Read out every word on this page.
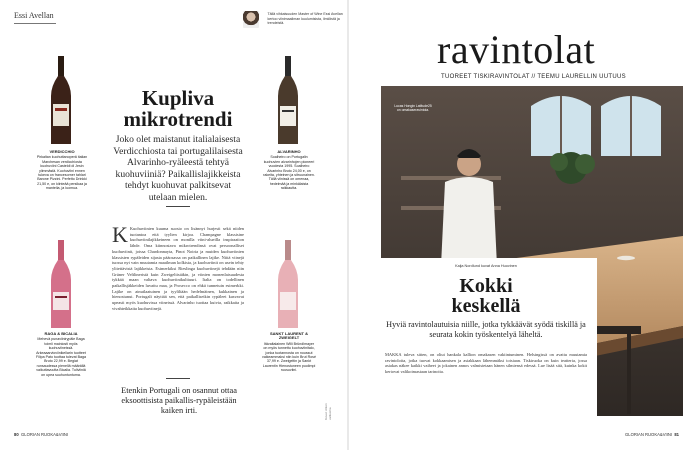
Essi Avellan	Tällä vihkaisuuden Master of Wine Essi Avellan kertoo viinimaailman kuulumisista, ilmiöistä ja trendeistä.
VERDICCHIO
Pirkaltan kuohuttanoperä italian Marchesan verdicchiosta kuohuviini Casteldi di Jesin ylimmästä. Kuohuviini ennen tukeva on francesorner tahlari Barone Pizzini. Perfetto Drinkki 21,50 e, on kiinteää persikaa ja mantelia, ja luomua.
RAGA & BICALIA
Mehevä punaviinirypäle Baga toimii mainiosti myös kuohuviineissä. Arkeaaarvioviinikellarin tuotteet Filipa Pato tuottaa tulevat Baga Bruto 22,99 e. Begiat runsaudessa pienellä määrällä vaikuttavuutta Bicalia. Tuliviiniä on upea suuhuntuntuma.
Kupliva
mikrotrendi
Joko olet maistanut italialaisesta Verdicchiosta tai portugalilaisesta Alvarinho-ryäleestä tehtyä kuohuviiniä? Paikallislajikkeista tehdyt kuohuvat palkitsevat utelaan mielen.
K Kuohuviinien kuuma suosio on lisännyt hurjesti sekä niiden tuotantoa että tyylien kirjoa. Champagne klassisine kuohuviinilajikkeineen on monilla viini-alueilla inspiraation lähde. Oma kiinnostava mikrotrendinsä ovat persoonalliset kuohuviinit, joissa Chardonnayta, Pinot Noiria ja muiden kuohuviinien klassisten rypäleiden sijasta pääosassa on paikallinen lajike. Niitä viinejä tuossa nyt vain muutamia maailman kolkista, ja kuohuviinit on usein tehty ylitettävistä lajikkeista. Esimerkiksi Rieslinga kuohuviinejä tehdään niin Grüner Veltlineristä kuin Zweigeltistäkin, ja viinien monenlaisuudesta tykkää maan valtava kuohuviinikulttuuri. Italia on todellinen paikallisjäkkeiden luvattu maa, ja Prosecco on ehkä tunnetuin esimerkki. Lajike on ainutlaatuinen ja tyyliltään hedelmäinen, kukkainen ja hienostunut. Portugali näyttää sen, että paikallisetkin rypäleet kasvavat upeasti myös kuohuvissa viineissä. Alvarinho tuottaa kuivia, raikkaita ja vivahteikkaita kuohuviinejä.
Etenkin Portugali on osannut ottaa eksoottisista paikallis-rypäleistään kaiken irti.
ALVARINHO
Soalheiro on Portugalin kuohuvien alvarinhojen pioneeri vuodesta 1995. Soalheiro Alvarinho Bruto 24,00 e, on rakeita, yhteinen ja sitruunainen. Tällä viinissä on omenaa, hedelmää ja minkälaista raikkautta.
SANKT LAURENT & ZWEIGELT
Itävaltalainen Willi Bründlmayer on myös tunnettu kuohuviinitalo, jonka tuotannosta on noussut vaikeammaksi niin kuin Brut Rosé 37,99 e. Zweigeltin ja Sankt Laurentin Hienostuneen puolimpi ruusuviini.
Kuvat: Alkon valikoima
80 GLORIAN RUOKA&VIINI
ravintolat
TUOREET TISKIRAVINTOLAT // TEEMU LAURELLIN UUTUUS
Lucas Hongin Latitude25 on omakaseravintola.
Kaija Nordlund kuvat Anna Huovinen
Kokki
keskellä
Hyviä ravintolautuisia niille, jotka tykkäävät syödä tiskillä ja seurata kokin työskentelyä läheltä.
MAKKA tuleva sitten, on oliut hankala kallion omakasen vakiintuminen. Helsingissä on avattu muutamia ravintoloita, jotka tuovat kokkaamisen ja asiakkaan lähemmäksi toisiaan. Tiskiruoka on kuin teatteria, jossa asiakas näkee kaikki vaiheet ja jokainen annos valmistetaan hänen silmiensä edessä. Lue lisää sitä, kuinka kokit kertovat valikoimastaan tarinoita.
GLORIAN RUOKA&VIINI 81
